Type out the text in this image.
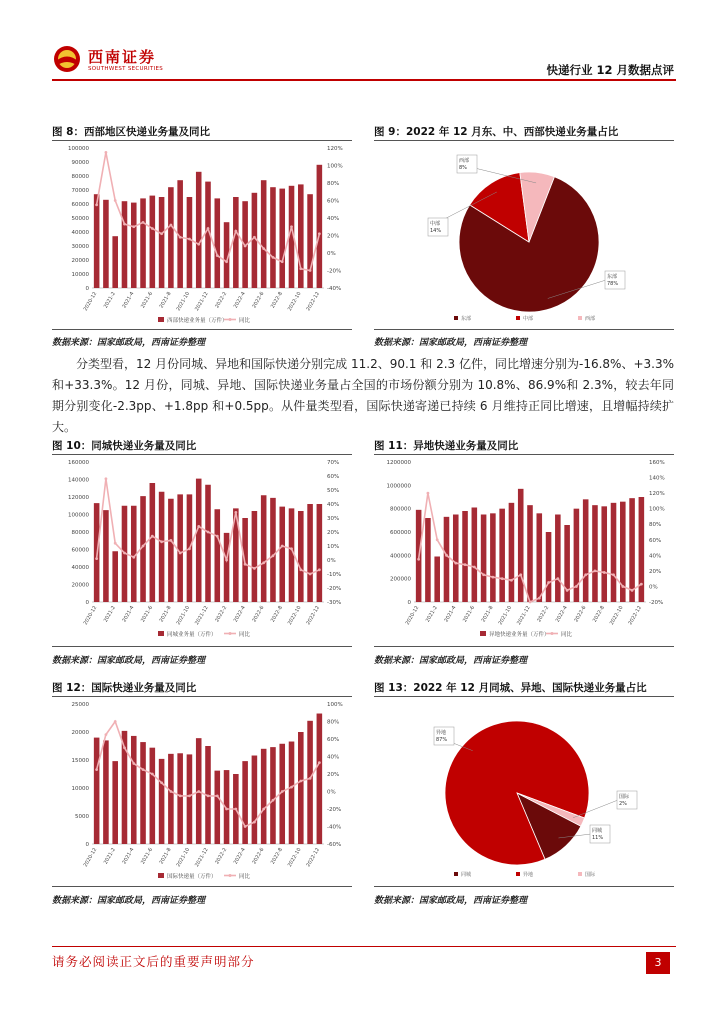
西南证券
SOUTHWEST SECURITIES	快递行业 12 月数据点评
图 8：西部地区快递业务量及同比
0
10000
20000
30000
40000
50000
60000
70000
80000
90000
100000
-40%
-20%
0%
20%
40%
60%
80%
100%
120%
2020-12 2021-2 2021-4 2021-6 2021-8 2021-10 2021-12 2022-2 2022-4 2022-6 2022-8 2022-10 2022-12
西部快递业务量（万件） 同比
数据来源：国家邮政局，西南证券整理
图 9：2022 年 12 月东、中、西部快递业务量占比
东部
78%
中部
14%
西部
8%
东部	中部	西部
数据来源：国家邮政局，西南证券整理
分类型看，12 月份同城、异地和国际快递分别完成 11.2、90.1 和 2.3 亿件，同比增速分别为-16.8%、+3.3%和+33.3%。12 月份，同城、异地、国际快递业务量占全国的市场份额分别为 10.8%、86.9%和 2.3%，较去年同期分别变化-2.3pp、+1.8pp 和+0.5pp。从件量类型看，国际快递寄递已持续 6 月维持正同比增速，且增幅持续扩大。
图 10：同城快递业务量及同比
0
20000
40000
60000
80000
100000
120000
140000
160000
-30%
-20%
-10%
0%
10%
20%
30%
40%
50%
60%
70%
2020-12 2021-2 2021-4 2021-6 2021-8 2021-10 2021-12 2022-2 2022-4 2022-6 2022-8 2022-10 2022-12
同城业务量（万件）	同比
数据来源：国家邮政局，西南证券整理
图 11：异地快递业务量及同比
0
200000
400000
600000
800000
1000000
1200000
-20%
0%
20%
40%
60%
80%
100%
120%
140%
160%
2020-12 2021-2 2021-4 2021-6 2021-8 2021-10 2021-12 2022-2 2022-4 2022-6 2022-8 2022-10 2022-12
异地快递业务量（万件） 同比
数据来源：国家邮政局，西南证券整理
图 12：国际快递业务量及同比
0
5000
10000
15000
20000
25000
-60%
-40%
-20%
0%
20%
40%
60%
80%
100%
2020-12 2021-2 2021-4 2021-6 2021-8 2021-10 2021-12 2022-2 2022-4 2022-6 2022-8 2022-10 2022-12
国际快递量（万件）	同比
数据来源：国家邮政局，西南证券整理
图 13：2022 年 12 月同城、异地、国际快递业务量占比
同城
11%
异地
87%
国际
2%
同城	异地	国际
数据来源：国家邮政局，西南证券整理
请务必阅读正文后的重要声明部分	3
